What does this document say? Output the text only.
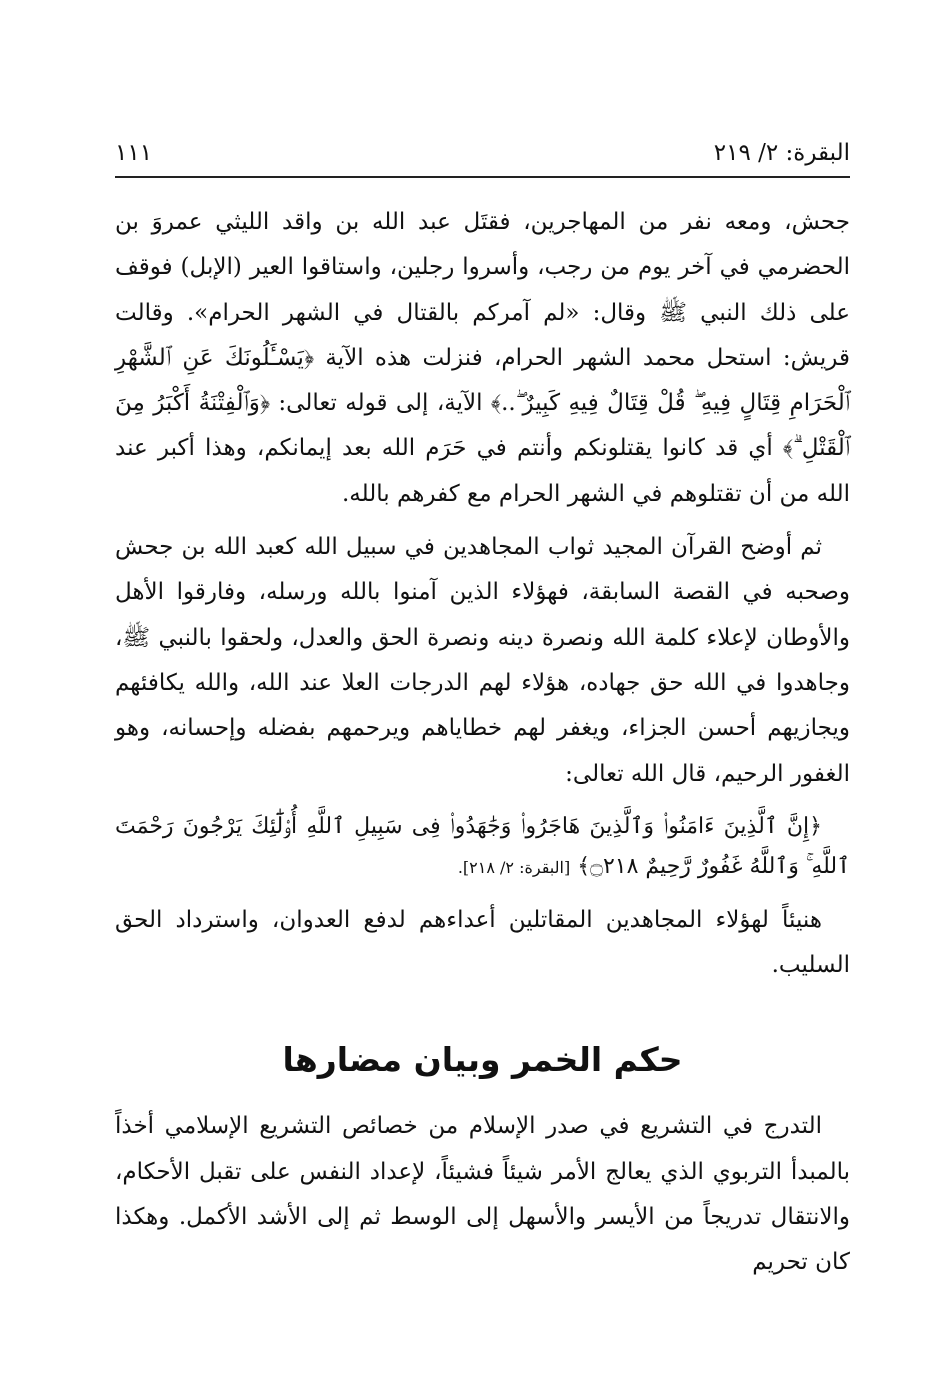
البقرة: ٢/ ٢١٩
١١١

جحش، ومعه نفر من المهاجرين، فقتَل عبد الله بن واقد الليثي عمروَ بن الحضرمي في آخر يوم من رجب، وأسروا رجلين، واستاقوا العير (الإبل) فوقف على ذلك النبي ﷺ وقال: «لم آمركم بالقتال في الشهر الحرام». وقالت قريش: استحل محمد الشهر الحرام، فنزلت هذه الآية ﴿يَسْـَٔلُونَكَ عَنِ ٱلشَّهْرِ ٱلْحَرَامِ قِتَالٍ فِيهِ ۖ قُلْ قِتَالٌ فِيهِ كَبِيرٌ ۖ..﴾ الآية، إلى قوله تعالى: ﴿وَٱلْفِتْنَةُ أَكْبَرُ مِنَ ٱلْقَتْلِ ۗ﴾ أي قد كانوا يقتلونكم وأنتم في حَرَم الله بعد إيمانكم، وهذا أكبر عند الله من أن تقتلوهم في الشهر الحرام مع كفرهم بالله.

ثم أوضح القرآن المجيد ثواب المجاهدين في سبيل الله كعبد الله بن جحش وصحبه في القصة السابقة، فهؤلاء الذين آمنوا بالله ورسله، وفارقوا الأهل والأوطان لإعلاء كلمة الله ونصرة دينه ونصرة الحق والعدل، ولحقوا بالنبي ﷺ، وجاهدوا في الله حق جهاده، هؤلاء لهم الدرجات العلا عند الله، والله يكافئهم ويجازيهم أحسن الجزاء، ويغفر لهم خطاياهم ويرحمهم بفضله وإحسانه، وهو الغفور الرحيم، قال الله تعالى:

﴿إِنَّ ٱلَّذِينَ ءَامَنُوا۟ وَٱلَّذِينَ هَاجَرُوا۟ وَجَٰهَدُوا۟ فِى سَبِيلِ ٱللَّهِ أُو۟لَٰٓئِكَ يَرْجُونَ رَحْمَتَ ٱللَّهِ ۚ وَٱللَّهُ غَفُورٌ رَّحِيمٌ ۝٢١٨﴾ [البقرة: ٢/ ٢١٨].

هنيئاً لهؤلاء المجاهدين المقاتلين أعداءهم لدفع العدوان، واسترداد الحق السليب.

حكم الخمر وبيان مضارها

التدرج في التشريع في صدر الإسلام من خصائص التشريع الإسلامي أخذاً بالمبدأ التربوي الذي يعالج الأمر شيئاً فشيئاً، لإعداد النفس على تقبل الأحكام، والانتقال تدريجاً من الأيسر والأسهل إلى الوسط ثم إلى الأشد الأكمل. وهكذا كان تحريم
